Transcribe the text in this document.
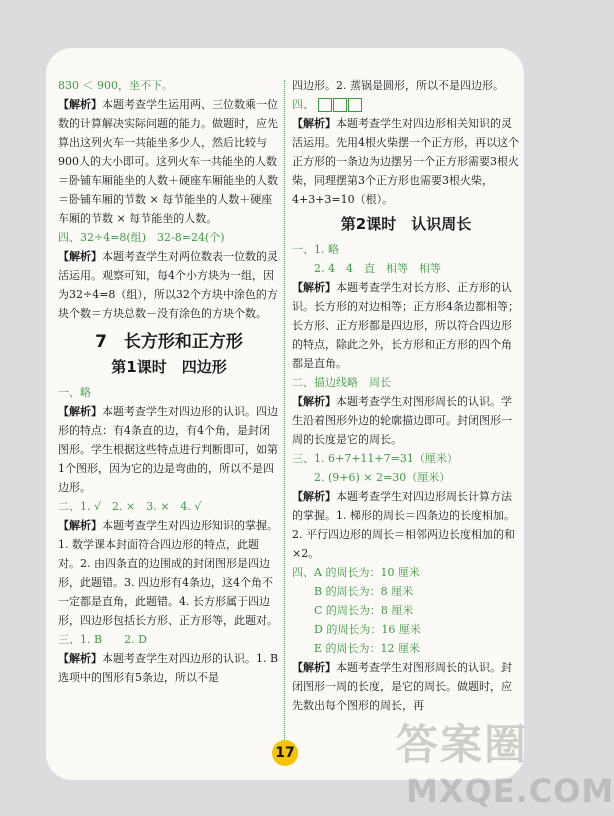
830 ＜ 900，坐不下。

【解析】本题考查学生运用两、三位数乘一位数的计算解决实际问题的能力。做题时，应先算出这列火车一共能坐多少人，然后比较与900人的大小即可。这列火车一共能坐的人数＝卧铺车厢能坐的人数＋硬座车厢能坐的人数＝卧铺车厢的节数 × 每节能坐的人数＋硬座车厢的节数 × 每节能坐的人数。

四、32÷4=8(组)　32-8=24(个)

【解析】本题考查学生对两位数表一位数的灵活运用。观察可知，每4个小方块为一组，因为32÷4=8（组），所以32个方块中涂色的方块个数＝方块总数－没有涂色的方块个数。

7　长方形和正方形
第1课时　四边形

一、略

【解析】本题考查学生对四边形的认识。四边形的特点：有4条直的边，有4个角，是封闭图形。学生根据这些特点进行判断即可，如第1个图形，因为它的边是弯曲的，所以不是四边形。

二、1. √　2. ×　3. ×　4. √

【解析】本题考查学生对四边形知识的掌握。1. 数学课本封面符合四边形的特点，此题对。2. 由四条直的边围成的封闭图形是四边形，此题错。3. 四边形有4条边，这4个角不一定都是直角，此题错。4. 长方形属于四边形，四边形包括长方形、正方形等，此题对。

三、1. B　　2. D

【解析】本题考查学生对四边形的认识。1. B选项中的图形有5条边，所以不是

四边形。2. 蒸锅是圆形，所以不是四边形。

四、

【解析】本题考查学生对四边形相关知识的灵活运用。先用4根火柴摆一个正方形，再以这个正方形的一条边为边摆另一个正方形需要3根火柴，同理摆第3个正方形也需要3根火柴，4+3+3=10（根）。

第2课时　认识周长

一、1. 略

2. 4　4　直　相等　相等

【解析】本题考查学生对长方形、正方形的认识。长方形的对边相等；正方形4条边都相等；长方形、正方形都是四边形，所以符合四边形的特点，除此之外，长方形和正方形的四个角都是直角。

二、描边线略　周长

【解析】本题考查学生对图形周长的认识。学生沿着图形外边的轮廓描边即可。封闭图形一周的长度是它的周长。

三、1. 6+7+11+7=31（厘米）

2. (9+6) × 2=30（厘米）

【解析】本题考查学生对四边形周长计算方法的掌握。1. 梯形的周长＝四条边的长度相加。2. 平行四边形的周长＝相邻两边长度相加的和 ×2。

四、A 的周长为：10 厘米

B 的周长为：8 厘米

C 的周长为：8 厘米

D 的周长为：16 厘米

E 的周长为：12 厘米

【解析】本题考查学生对图形周长的认识。封闭图形一周的长度，是它的周长。做题时，应先数出每个图形的周长，再

17 答案圈
MXQE.COM
